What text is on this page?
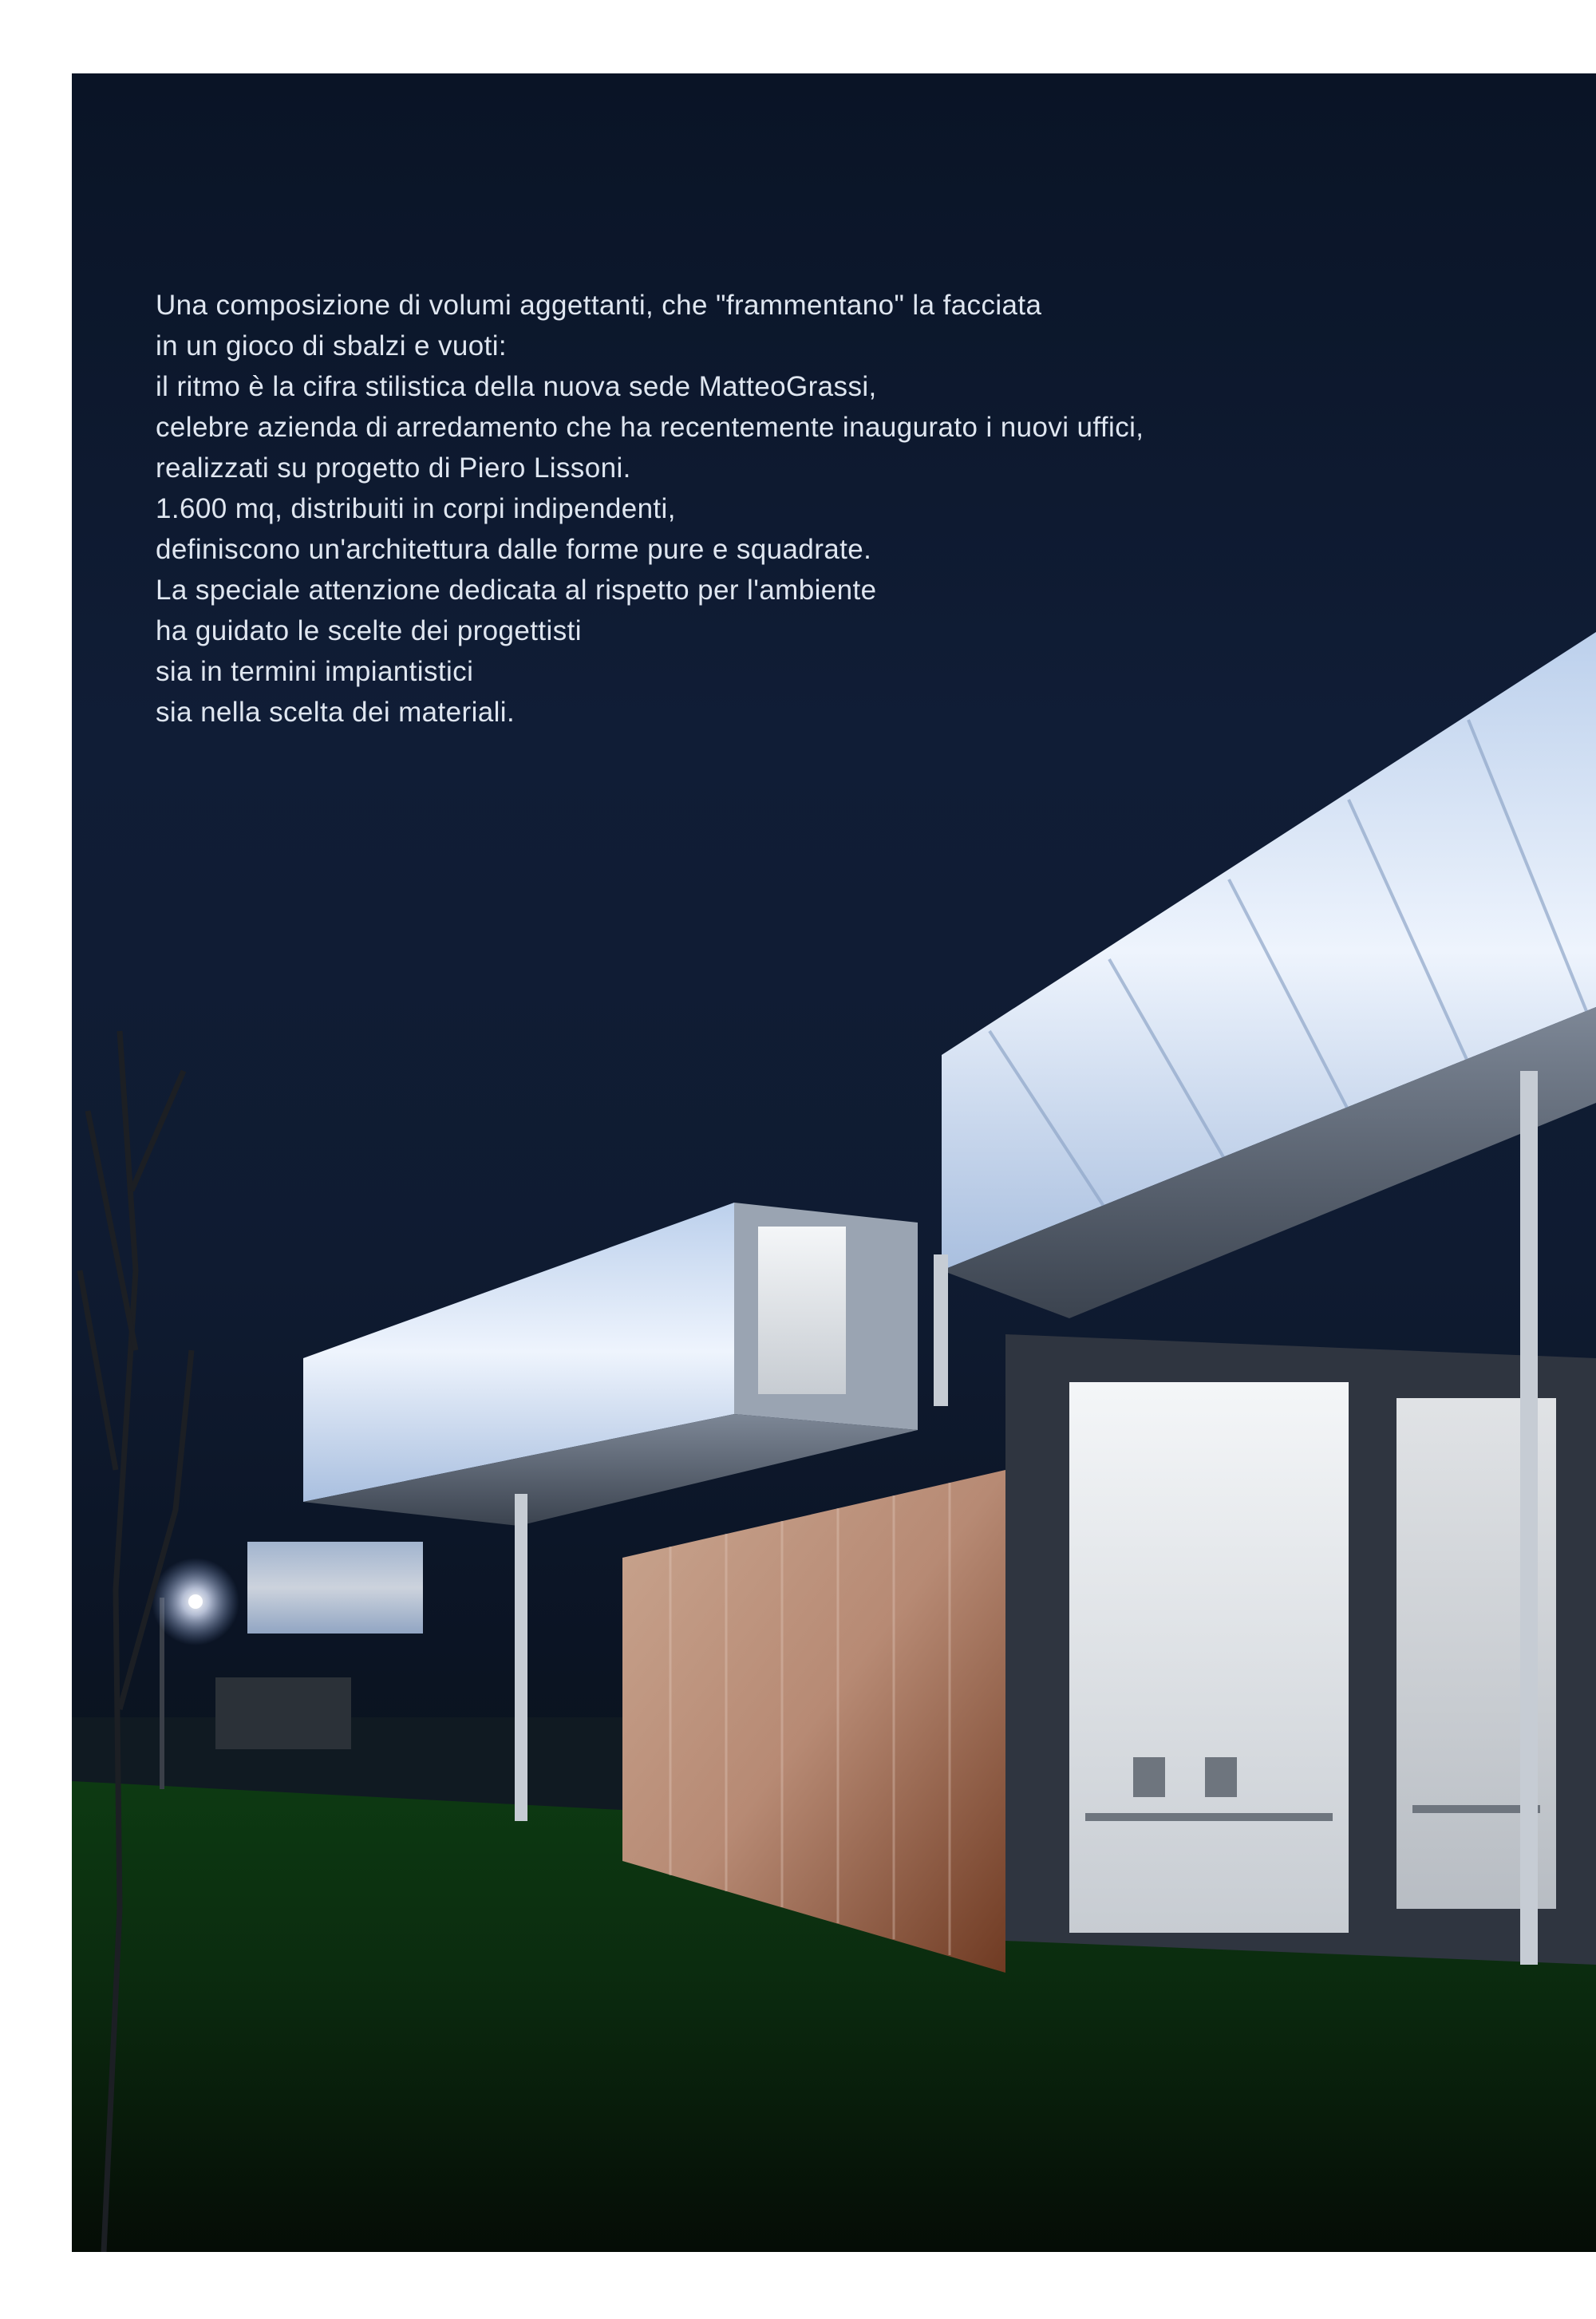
Una composizione di volumi aggettanti, che "frammentano" la facciata
in un gioco di sbalzi e vuoti:
il ritmo è la cifra stilistica della nuova sede MatteoGrassi,
celebre azienda di arredamento che ha recentemente inaugurato i nuovi uffici,
realizzati su progetto di Piero Lissoni.
1.600 mq, distribuiti in corpi indipendenti,
definiscono un'architettura dalle forme pure e squadrate.
La speciale attenzione dedicata al rispetto per l'ambiente
ha guidato le scelte dei progettisti
sia in termini impiantistici
sia nella scelta dei materiali.
